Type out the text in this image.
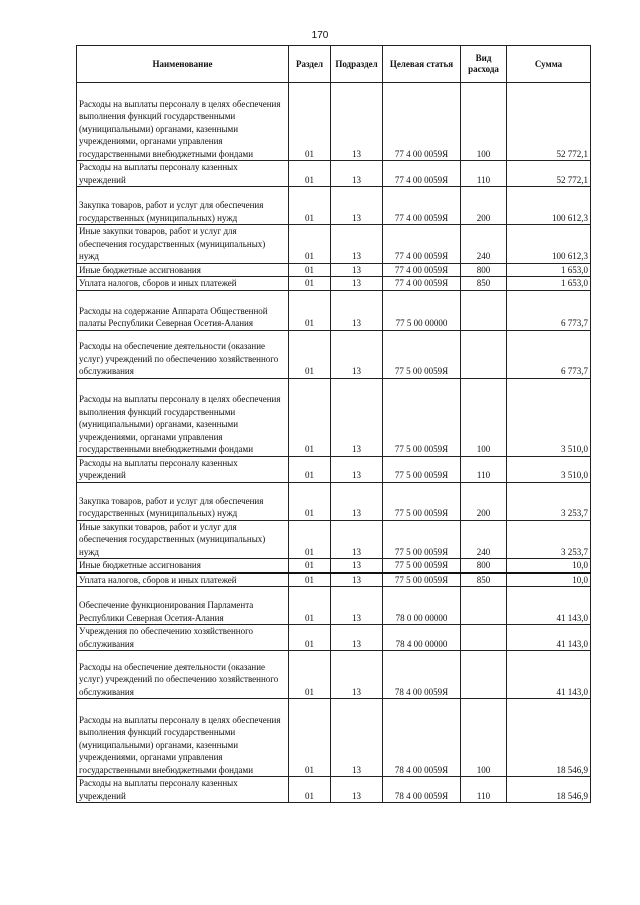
170
Наименование	Раздел	Подраздел	Целевая статья	Вид расхода	Сумма
Расходы на выплаты персоналу в целях обеспечения выполнения функций государственными (муниципальными) органами, казенными учреждениями, органами управления государственными внебюджетными фондами	01	13	77 4 00 0059Я	100	52 772,1
Расходы на выплаты персоналу казенных учреждений	01	13	77 4 00 0059Я	110	52 772,1
Закупка товаров, работ и услуг для обеспечения государственных (муниципальных) нужд	01	13	77 4 00 0059Я	200	100 612,3
Иные закупки товаров, работ и услуг для обеспечения государственных (муниципальных) нужд	01	13	77 4 00 0059Я	240	100 612,3
Иные бюджетные ассигнования	01	13	77 4 00 0059Я	800	1 653,0
Уплата налогов, сборов и иных платежей	01	13	77 4 00 0059Я	850	1 653,0
Расходы на содержание Аппарата Общественной палаты Республики Северная Осетия-Алания	01	13	77 5 00 00000		6 773,7
Расходы на обеспечение деятельности (оказание услуг) учреждений по обеспечению хозяйственного обслуживания	01	13	77 5 00 0059Я		6 773,7
Расходы на выплаты персоналу в целях обеспечения выполнения функций государственными (муниципальными) органами, казенными учреждениями, органами управления государственными внебюджетными фондами	01	13	77 5 00 0059Я	100	3 510,0
Расходы на выплаты персоналу казенных учреждений	01	13	77 5 00 0059Я	110	3 510,0
Закупка товаров, работ и услуг для обеспечения государственных (муниципальных) нужд	01	13	77 5 00 0059Я	200	3 253,7
Иные закупки товаров, работ и услуг для обеспечения государственных (муниципальных) нужд	01	13	77 5 00 0059Я	240	3 253,7
Иные бюджетные ассигнования	01	13	77 5 00 0059Я	800	10,0
Уплата налогов, сборов и иных платежей	01	13	77 5 00 0059Я	850	10,0
Обеспечение функционирования Парламента Республики Северная Осетия-Алания	01	13	78 0 00 00000		41 143,0
Учреждения по обеспечению хозяйственного обслуживания	01	13	78 4 00 00000		41 143,0
Расходы на обеспечение деятельности (оказание услуг) учреждений по обеспечению хозяйственного обслуживания	01	13	78 4 00 0059Я		41 143,0
Расходы на выплаты персоналу в целях обеспечения выполнения функций государственными (муниципальными) органами, казенными учреждениями, органами управления государственными внебюджетными фондами	01	13	78 4 00 0059Я	100	18 546,9
Расходы на выплаты персоналу казенных учреждений	01	13	78 4 00 0059Я	110	18 546,9
